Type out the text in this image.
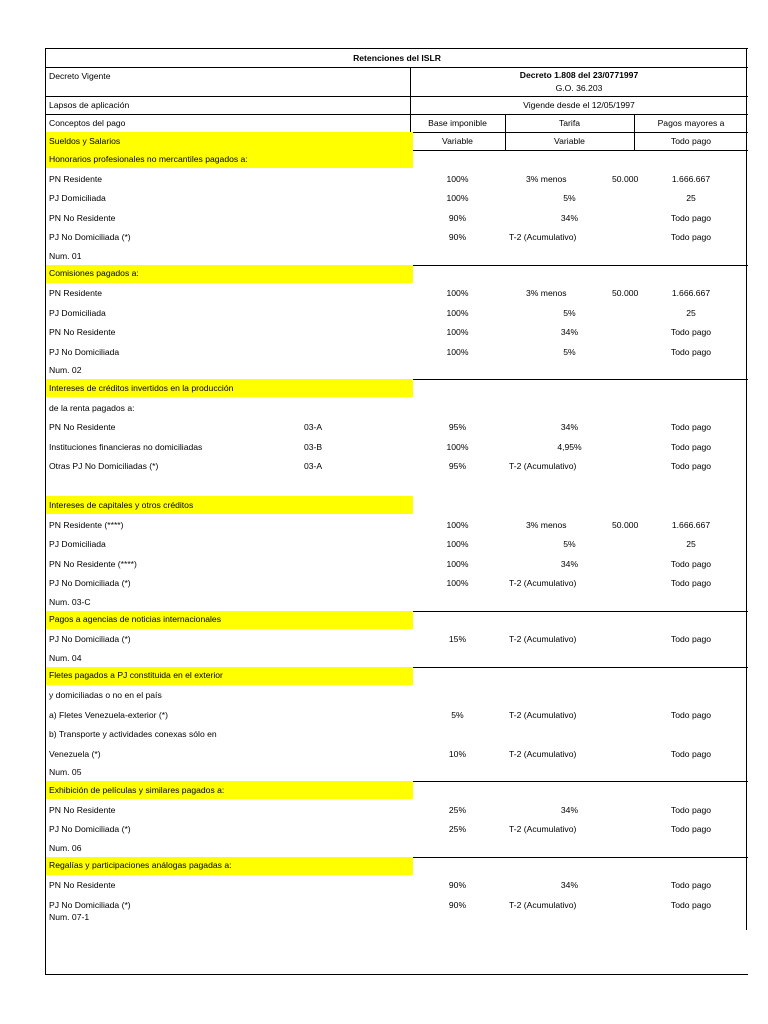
Retenciones del ISLR
Decreto Vigente	Decreto 1.808 del 23/0771997
G.O. 36.203
Lapsos de aplicación	Vigende desde el 12/05/1997
Conceptos del pago	Base imponible	Tarifa	Pagos mayores a
Sueldos y Salarios	Variable	Variable	Todo pago
Honorarios profesionales no mercantiles pagados a:
PN Residente	100%	3% menos	50.000	1.666.667
PJ Domiciliada	100%	5%	25
PN No Residente	90%	34%	Todo pago
PJ No Domiciliada (*)	90%	T-2 (Acumulativo)	Todo pago
Num. 01
Comisiones pagados a:
PN Residente	100%	3% menos	50.000	1.666.667
PJ Domiciliada	100%	5%	25
PN No Residente	100%	34%	Todo pago
PJ No Domiciliada	100%	5%	Todo pago
Num. 02
Intereses de créditos invertidos en la producción
de la renta pagados a:
PN No Residente	03-A	95%	34%	Todo pago
Instituciones financieras no domiciliadas	03-B	100%	4,95%	Todo pago
Otras PJ No Domiciliadas (*)	03-A	95%	T-2 (Acumulativo)	Todo pago
Intereses de capitales y otros créditos
PN Residente (****)	100%	3% menos	50.000	1.666.667
PJ Domiciliada	100%	5%	25
PN No Residente (****)	100%	34%	Todo pago
PJ No Domiciliada (*)	100%	T-2 (Acumulativo)	Todo pago
Num. 03-C
Pagos a agencias de noticias internacionales
PJ No Domiciliada (*)	15%	T-2 (Acumulativo)	Todo pago
Num. 04
Fletes pagados a PJ constituida en el exterior
y domiciliadas o no en el país
a) Fletes Venezuela-exterior (*)	5%	T-2 (Acumulativo)	Todo pago
b) Transporte y actividades conexas sólo en
Venezuela (*)	10%	T-2 (Acumulativo)	Todo pago
Num. 05
Exhibición de películas y similares pagados a:
PN No Residente	25%	34%	Todo pago
PJ No Domiciliada (*)	25%	T-2 (Acumulativo)	Todo pago
Num. 06
Regalías y participaciones análogas pagadas a:
PN No Residente	90%	34%	Todo pago
PJ No Domiciliada (*)	90%	T-2 (Acumulativo)	Todo pago
Num. 07-1
